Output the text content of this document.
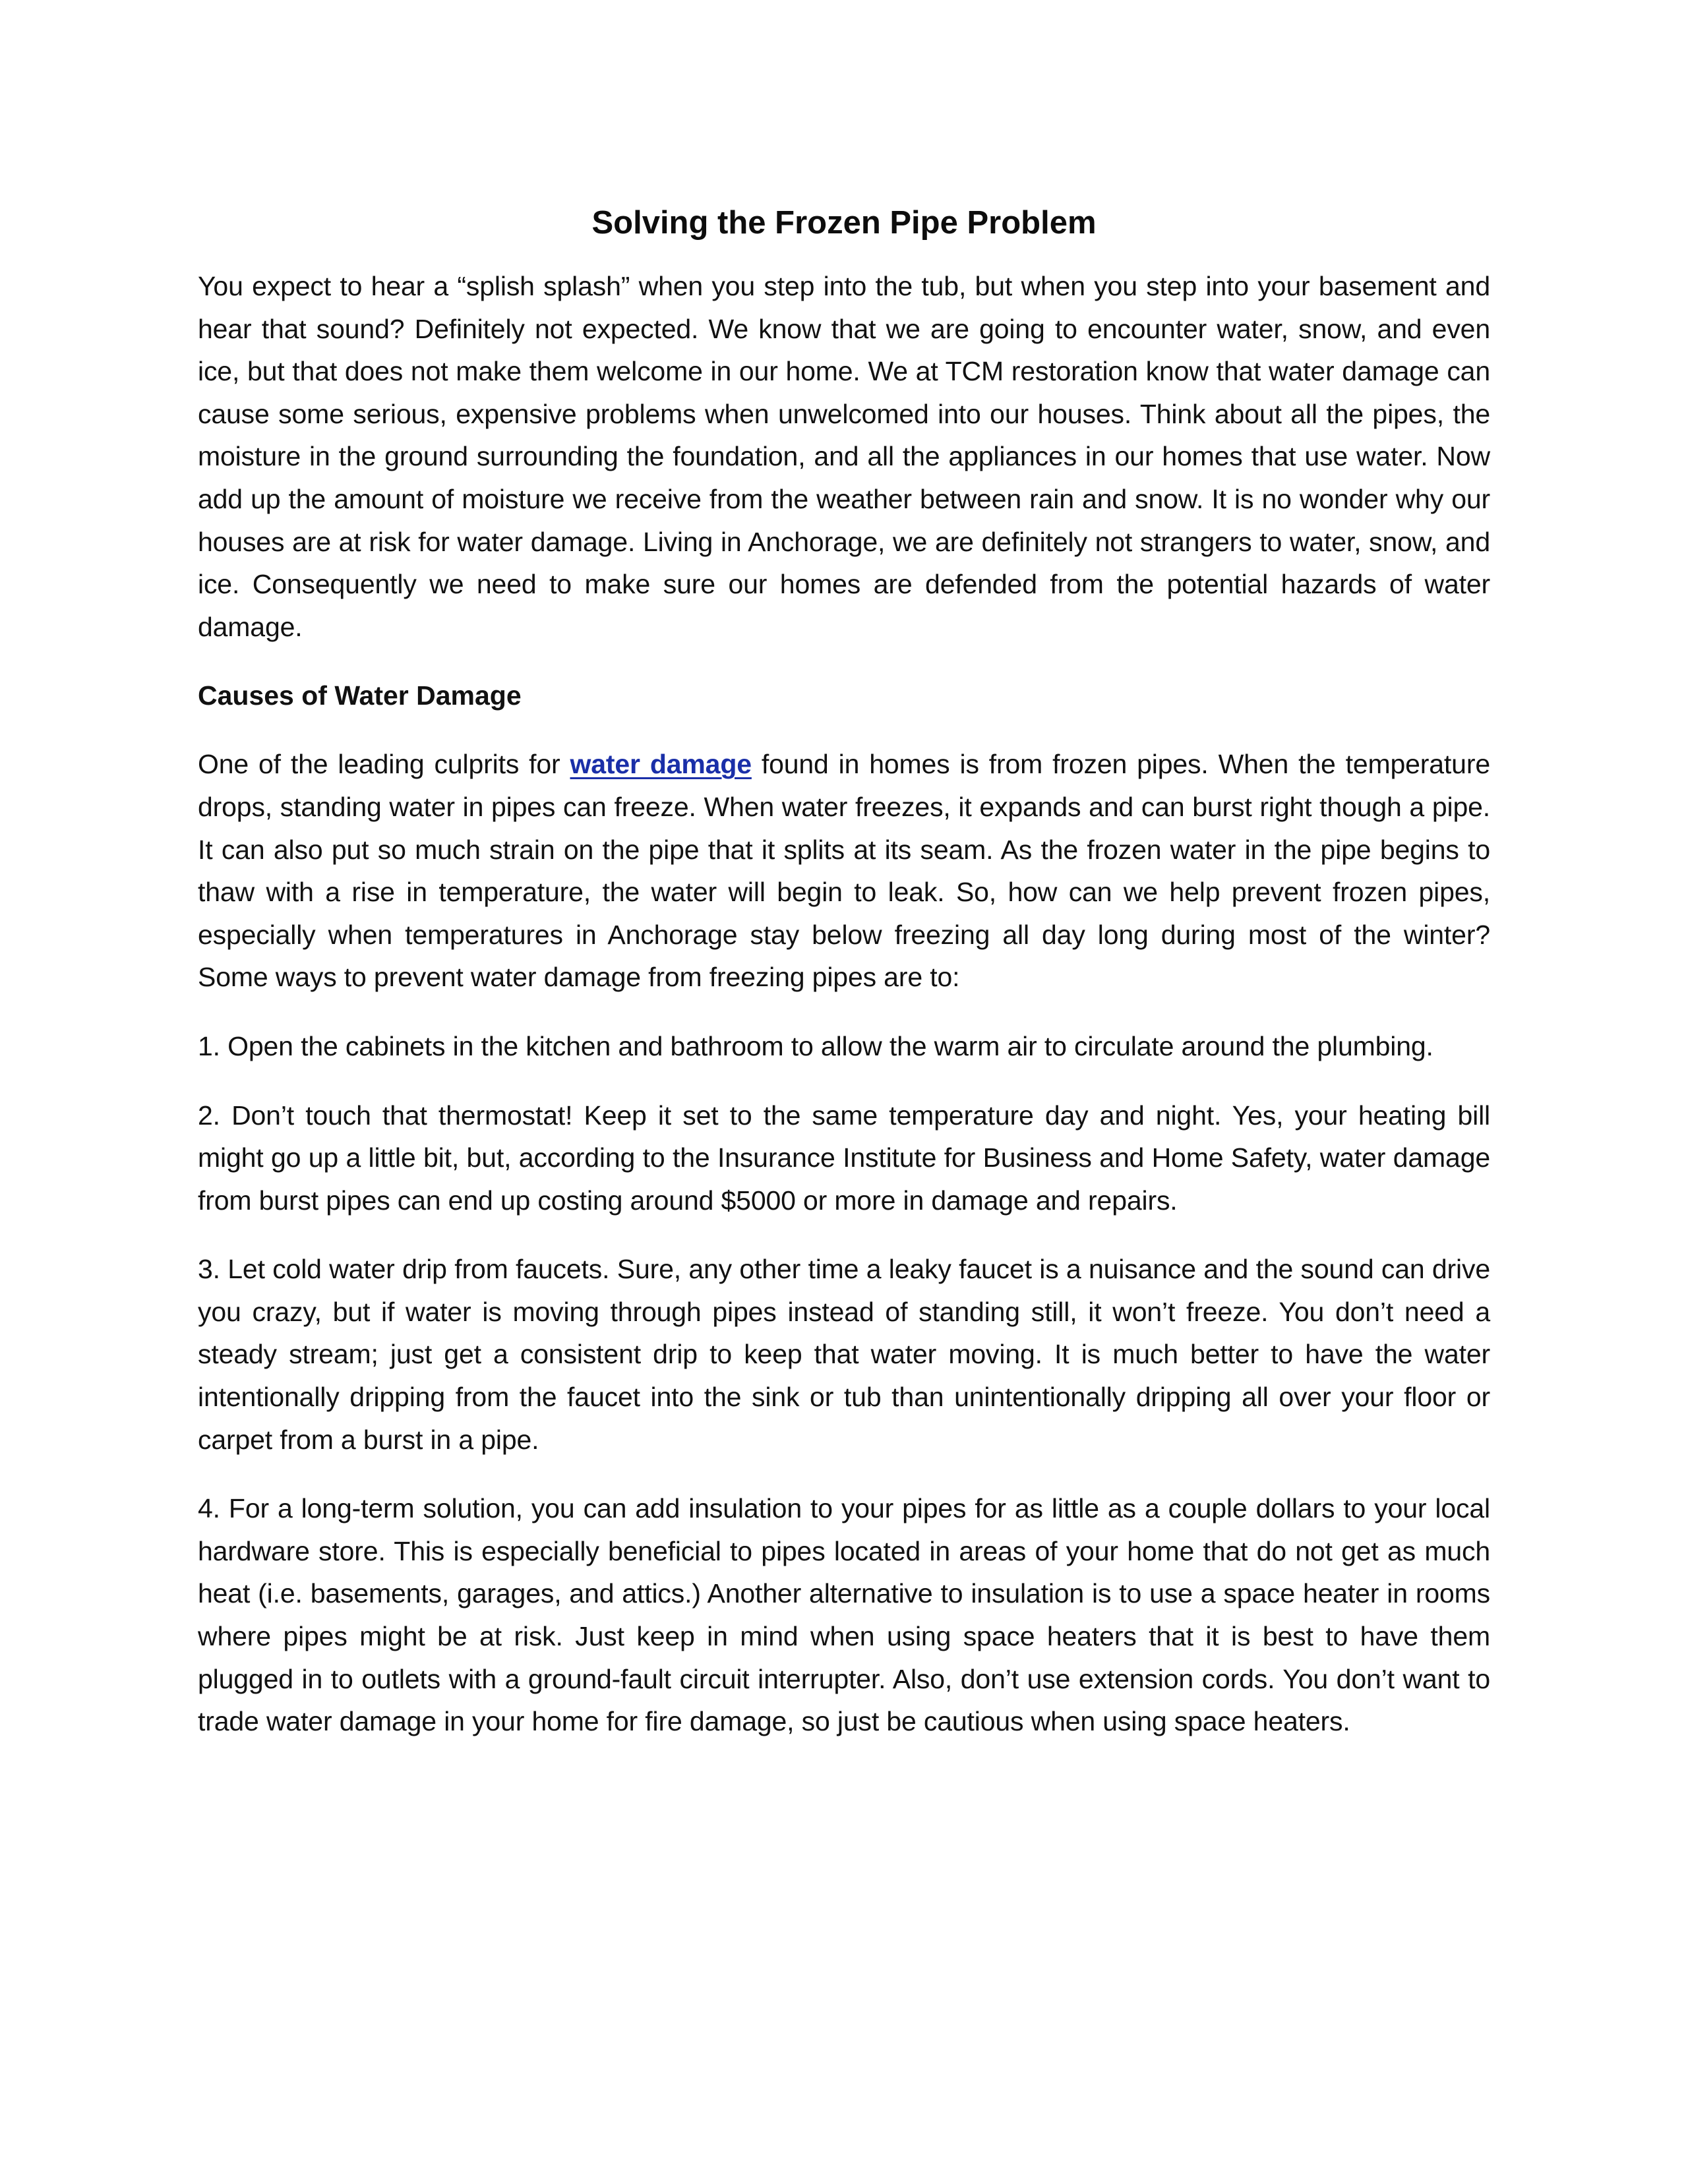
Solving the Frozen Pipe Problem

You expect to hear a “splish splash” when you step into the tub, but when you step into your basement and hear that sound? Definitely not expected. We know that we are going to encounter water, snow, and even ice, but that does not make them welcome in our home. We at TCM restoration know that water damage can cause some serious, expensive problems when unwelcomed into our houses. Think about all the pipes, the moisture in the ground surrounding the foundation, and all the appliances in our homes that use water. Now add up the amount of moisture we receive from the weather between rain and snow. It is no wonder why our houses are at risk for water damage. Living in Anchorage, we are definitely not strangers to water, snow, and ice. Consequently we need to make sure our homes are defended from the potential hazards of water damage.

Causes of Water Damage

One of the leading culprits for water damage found in homes is from frozen pipes. When the temperature drops, standing water in pipes can freeze. When water freezes, it expands and can burst right though a pipe. It can also put so much strain on the pipe that it splits at its seam. As the frozen water in the pipe begins to thaw with a rise in temperature, the water will begin to leak. So, how can we help prevent frozen pipes, especially when temperatures in Anchorage stay below freezing all day long during most of the winter? Some ways to prevent water damage from freezing pipes are to:

1. Open the cabinets in the kitchen and bathroom to allow the warm air to circulate around the plumbing.

2. Don’t touch that thermostat! Keep it set to the same temperature day and night. Yes, your heating bill might go up a little bit, but, according to the Insurance Institute for Business and Home Safety, water damage from burst pipes can end up costing around $5000 or more in damage and repairs.

3. Let cold water drip from faucets. Sure, any other time a leaky faucet is a nuisance and the sound can drive you crazy, but if water is moving through pipes instead of standing still, it won’t freeze. You don’t need a steady stream; just get a consistent drip to keep that water moving. It is much better to have the water intentionally dripping from the faucet into the sink or tub than unintentionally dripping all over your floor or carpet from a burst in a pipe.

4. For a long-term solution, you can add insulation to your pipes for as little as a couple dollars to your local hardware store. This is especially beneficial to pipes located in areas of your home that do not get as much heat (i.e. basements, garages, and attics.) Another alternative to insulation is to use a space heater in rooms where pipes might be at risk. Just keep in mind when using space heaters that it is best to have them plugged in to outlets with a ground-fault circuit interrupter. Also, don’t use extension cords. You don’t want to trade water damage in your home for fire damage, so just be cautious when using space heaters.
